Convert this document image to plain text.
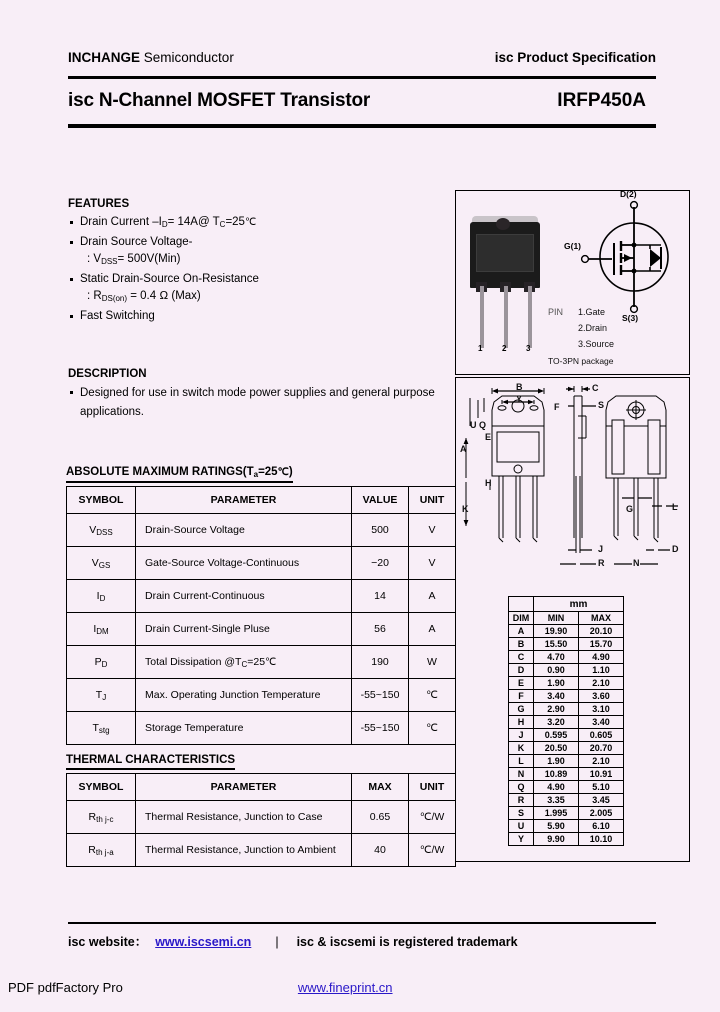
INCHANGE Semiconductor	isc Product Specification
isc N-Channel MOSFET Transistor	IRFP450A
FEATURES
Drain Current $-I_D=$ 14A@ $T_C=25℃$
Drain Source Voltage-
: $V_{DSS}= 500V(Min)$
Static Drain-Source On-Resistance
: $R_{DS(on)} = 0.4$ Ω (Max)
Fast Switching
DESCRIPTION
Designed for use in switch mode power supplies and general purpose applications.
ABSOLUTE MAXIMUM $RATINGS(T_a=25℃)$
SYMBOL	PARAMETER	VALUE	UNIT
$V_{DSS}$	Drain-Source Voltage	500	V
$V_{GS}$	Gate-Source Voltage-Continuous	−20	V
$I_D$	Drain Current-Continuous	14	A
$I_{DM}$	Drain Current-Single Pluse	56	A
$P_D$	Total Dissipation $@T_C=25℃$	190	W
$T_J$	Max. Operating Junction Temperature	-55~150	℃
$T_{stg}$	Storage Temperature	-55~150	℃
THERMAL CHARACTERISTICS
SYMBOL	PARAMETER	MAX	UNIT
$R_{th j-c}$	Thermal Resistance, Junction to Case	0.65	℃/W
$R_{th j-a}$	Thermal Resistance, Junction to Ambient	40	℃/W
1 2 3
PIN 1.Gate
2.Drain
3.Source
TO-3PN package
D(2)
G(1)
S(3)
B
Y
F
C
S
U Q
E
A
H
K	G	L
J
R
D
N
	mm	
DIM	MIN	MAX
A	19.90	20.10
B	15.50	15.70
C	4.70	4.90
D	0.90	1.10
E	1.90	2.10
F	3.40	3.60
G	2.90	3.10
H	3.20	3.40
J	0.595	0.605
K	20.50	20.70
L	1.90	2.10
N	10.89	10.91
Q	4.90	5.10
R	3.35	3.45
S	1.995	2.005
U	5.90	6.10
Y	9.90	10.10
isc website： www.iscsemi.cn | isc & iscsemi is registered trademark
PDF pdfFactory Pro	www.fineprint.cn
